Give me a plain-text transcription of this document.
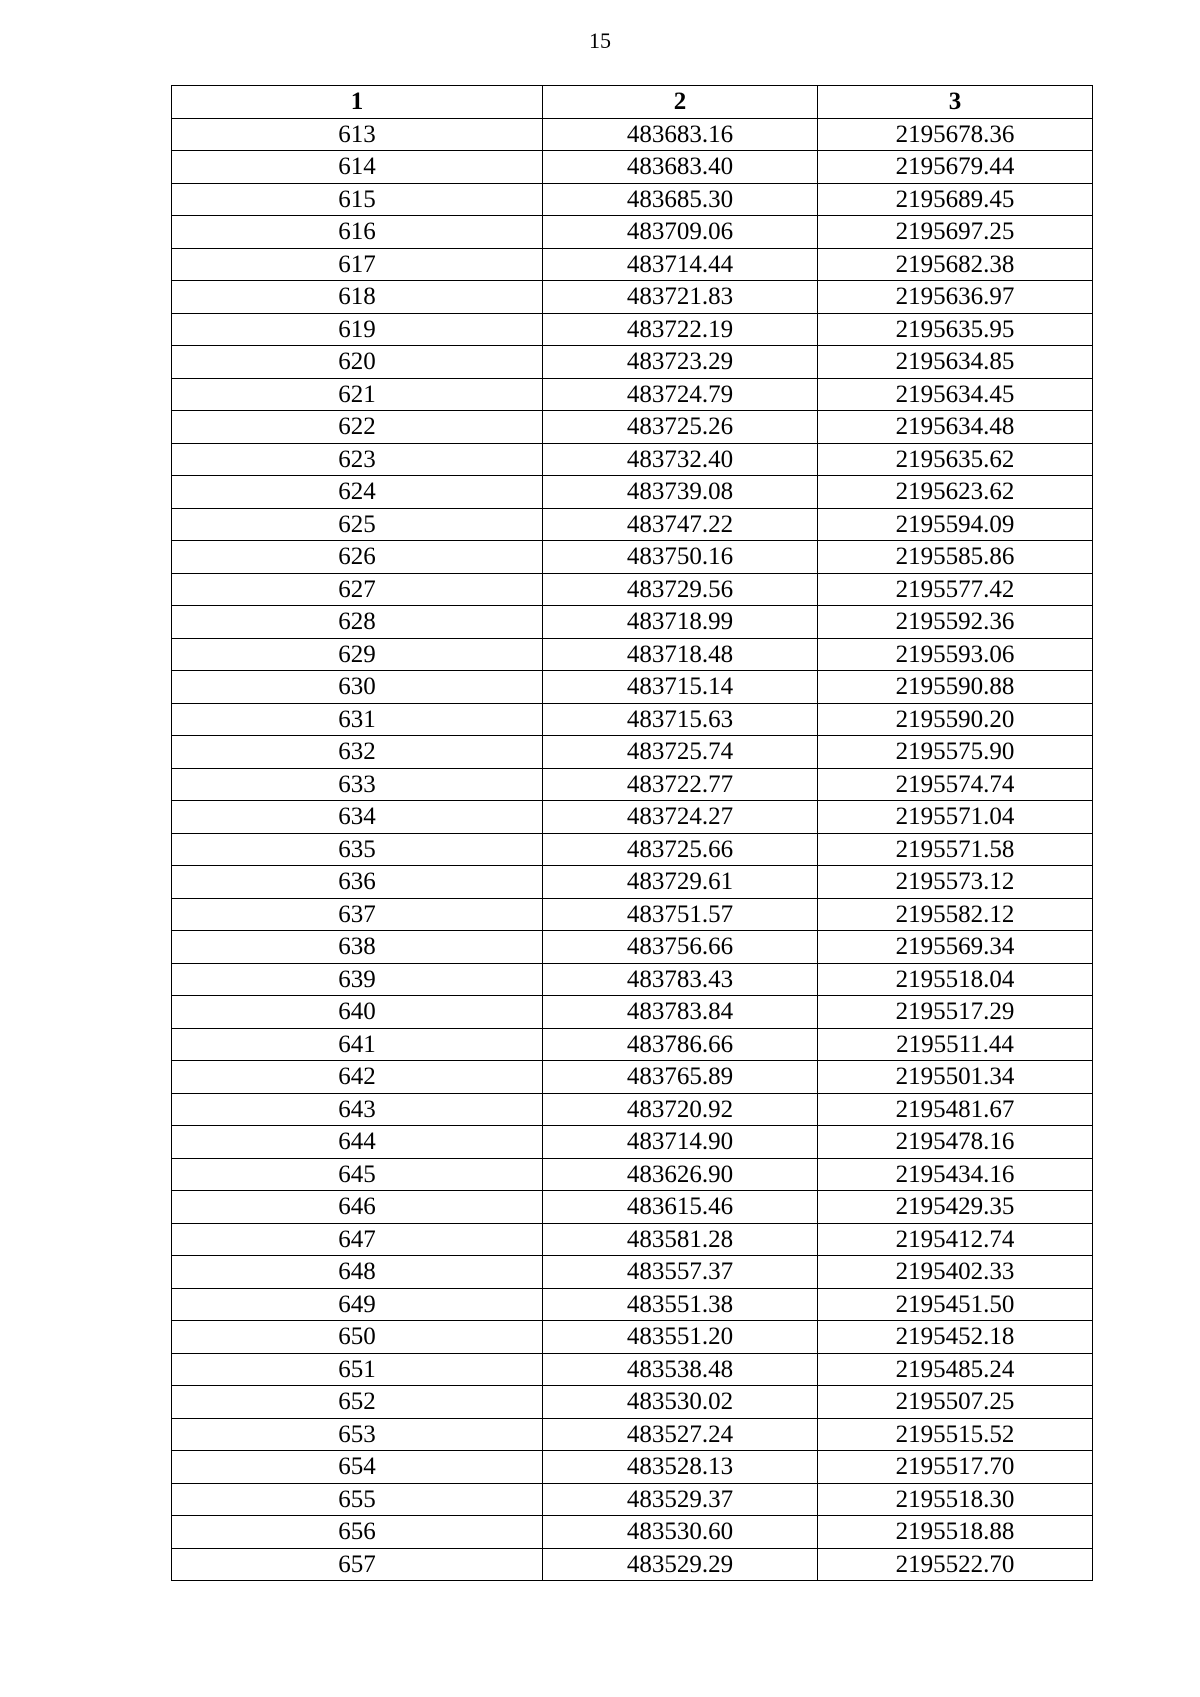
15
1	2	3
613	483683.16	2195678.36
614	483683.40	2195679.44
615	483685.30	2195689.45
616	483709.06	2195697.25
617	483714.44	2195682.38
618	483721.83	2195636.97
619	483722.19	2195635.95
620	483723.29	2195634.85
621	483724.79	2195634.45
622	483725.26	2195634.48
623	483732.40	2195635.62
624	483739.08	2195623.62
625	483747.22	2195594.09
626	483750.16	2195585.86
627	483729.56	2195577.42
628	483718.99	2195592.36
629	483718.48	2195593.06
630	483715.14	2195590.88
631	483715.63	2195590.20
632	483725.74	2195575.90
633	483722.77	2195574.74
634	483724.27	2195571.04
635	483725.66	2195571.58
636	483729.61	2195573.12
637	483751.57	2195582.12
638	483756.66	2195569.34
639	483783.43	2195518.04
640	483783.84	2195517.29
641	483786.66	2195511.44
642	483765.89	2195501.34
643	483720.92	2195481.67
644	483714.90	2195478.16
645	483626.90	2195434.16
646	483615.46	2195429.35
647	483581.28	2195412.74
648	483557.37	2195402.33
649	483551.38	2195451.50
650	483551.20	2195452.18
651	483538.48	2195485.24
652	483530.02	2195507.25
653	483527.24	2195515.52
654	483528.13	2195517.70
655	483529.37	2195518.30
656	483530.60	2195518.88
657	483529.29	2195522.70
